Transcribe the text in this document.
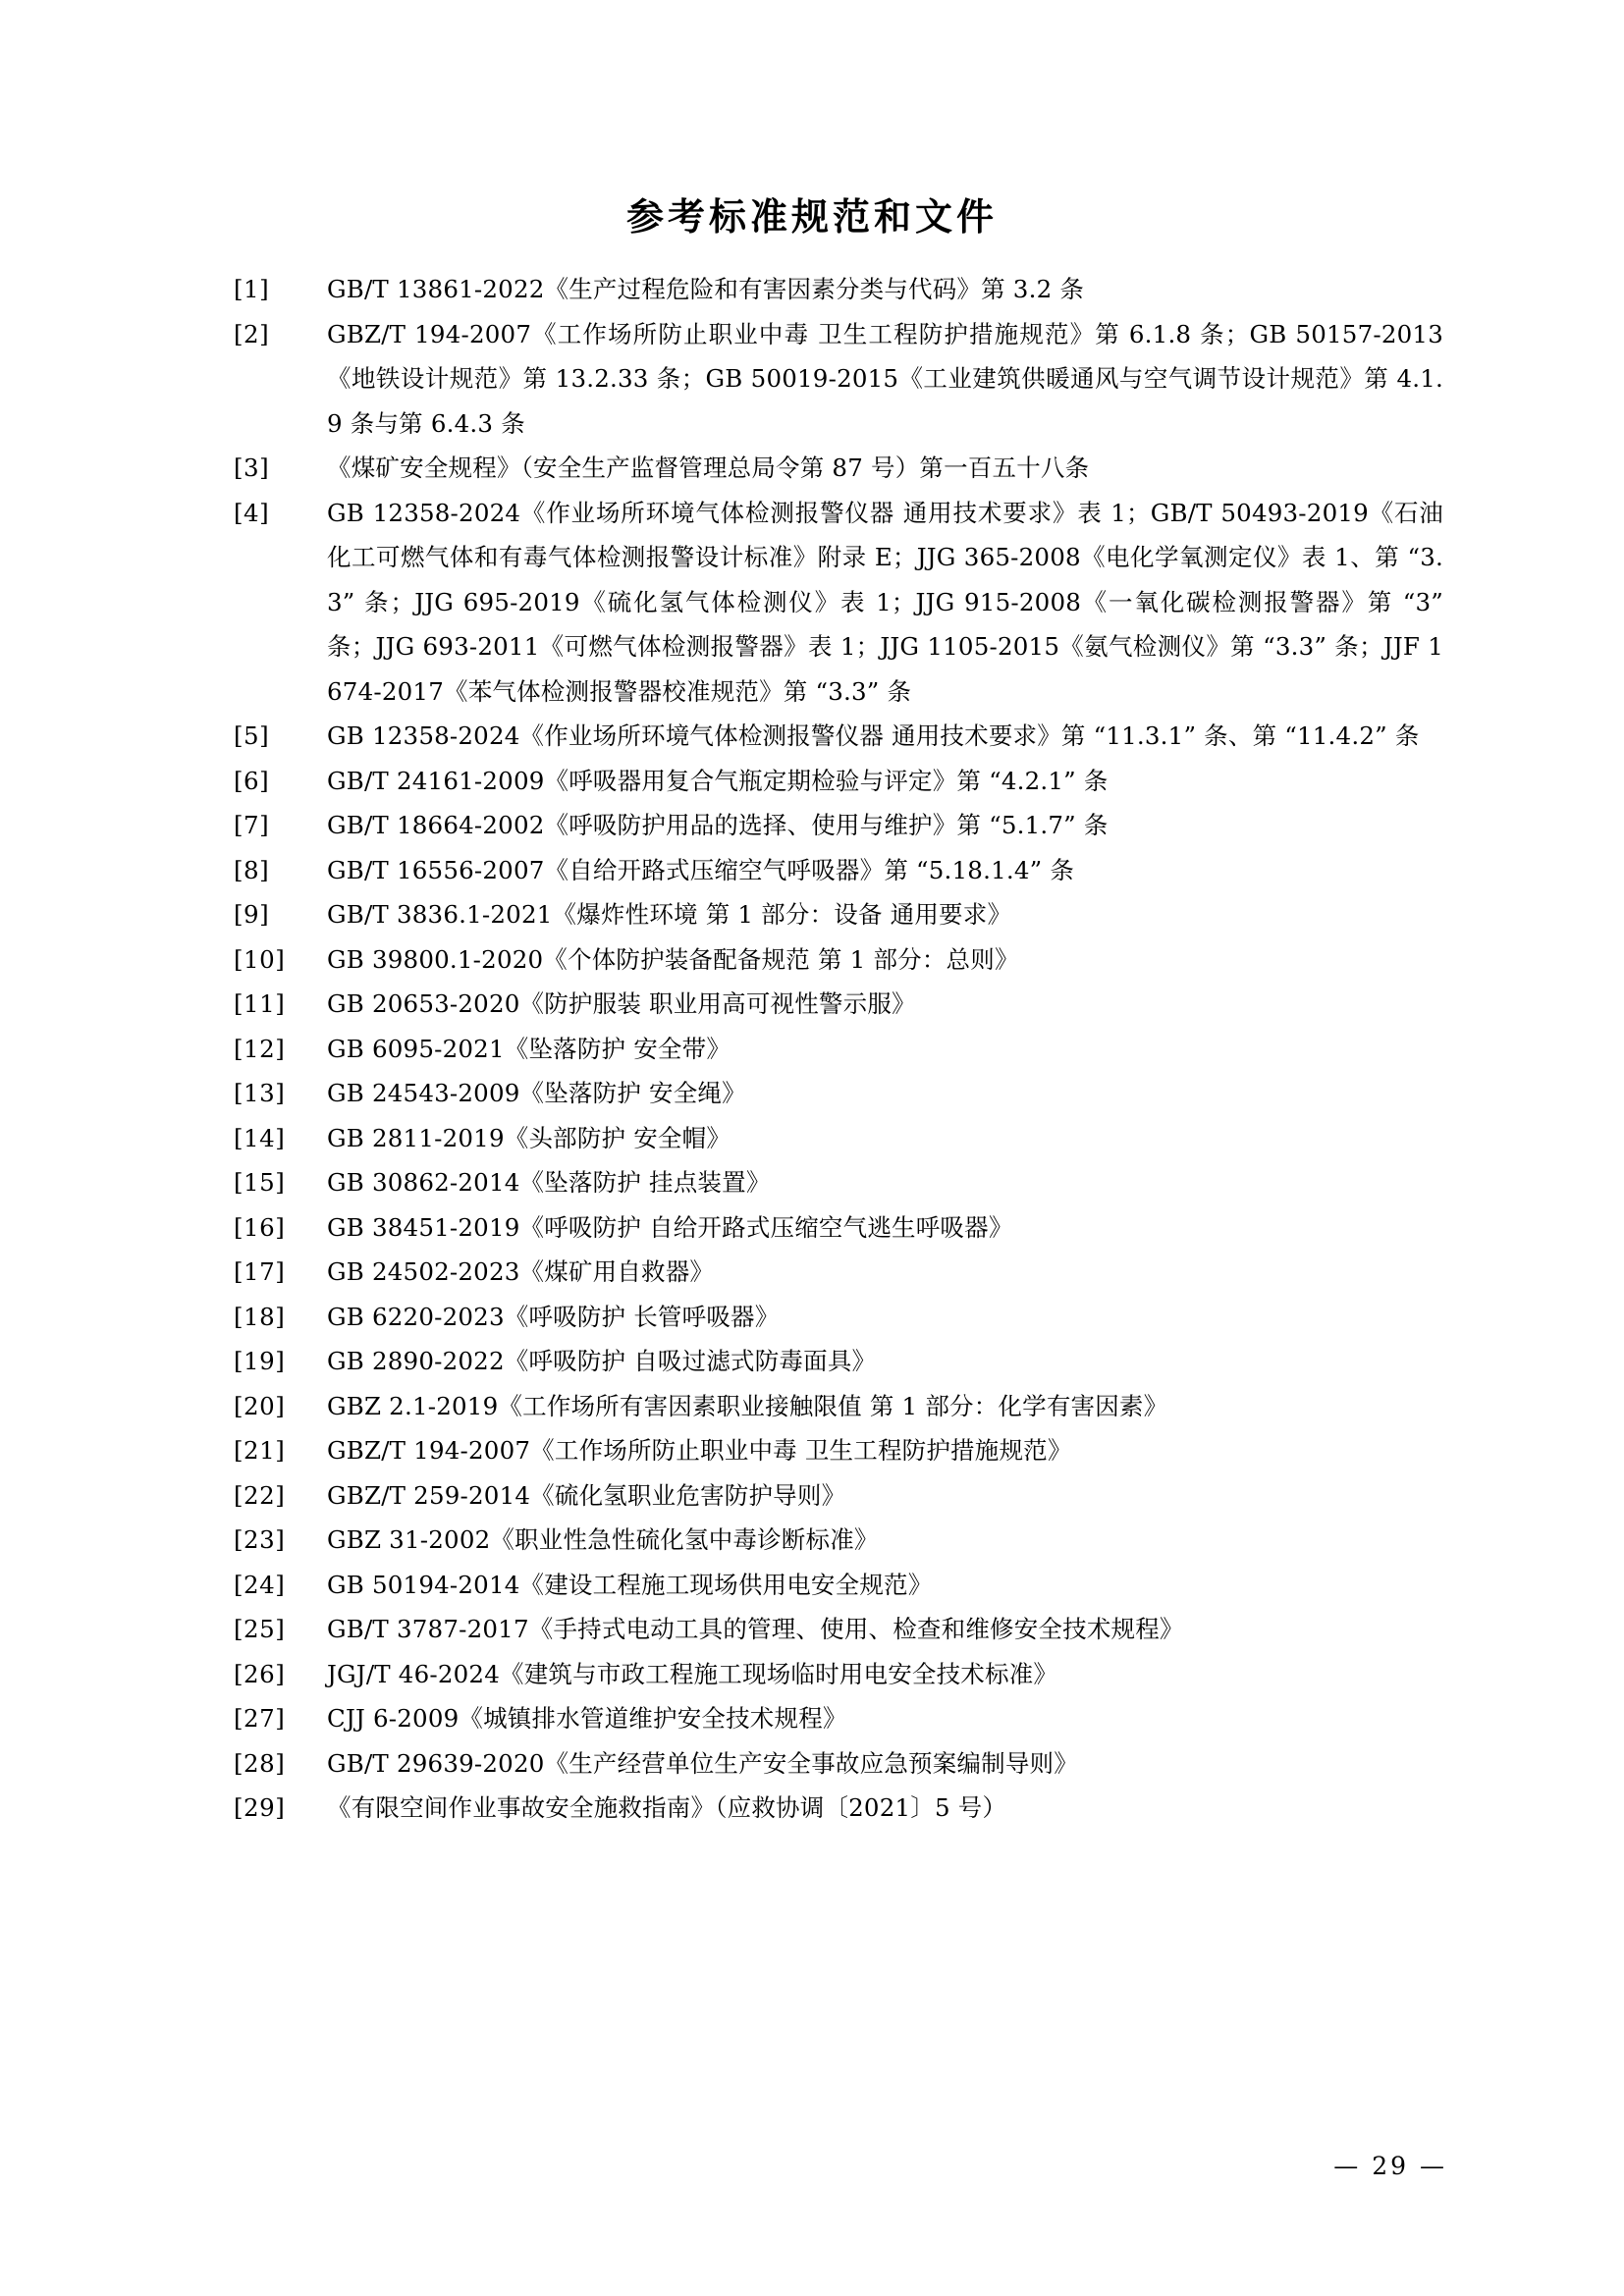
参考标准规范和文件
[1]	GB/T 13861-2022《生产过程危险和有害因素分类与代码》第 3.2 条
[2]	GBZ/T 194-2007《工作场所防止职业中毒 卫生工程防护措施规范》第 6.1.8 条；GB 50157-2013《地铁设计规范》第 13.2.33 条；GB 50019-2015《工业建筑供暖通风与空气调节设计规范》第 4.1.9 条与第 6.4.3 条
[3]	《煤矿安全规程》（安全生产监督管理总局令第 87 号）第一百五十八条
[4]	GB 12358-2024《作业场所环境气体检测报警仪器 通用技术要求》表 1；GB/T 50493-2019《石油化工可燃气体和有毒气体检测报警设计标准》附录 E；JJG 365-2008《电化学氧测定仪》表 1、第 “3.3” 条；JJG 695-2019《硫化氢气体检测仪》表 1；JJG 915-2008《一氧化碳检测报警器》第 “3” 条；JJG 693-2011《可燃气体检测报警器》表 1；JJG 1105-2015《氨气检测仪》第 “3.3” 条；JJF 1674-2017《苯气体检测报警器校准规范》第 “3.3” 条
[5]	GB 12358-2024《作业场所环境气体检测报警仪器 通用技术要求》第 “11.3.1” 条、第 “11.4.2” 条
[6]	GB/T 24161-2009《呼吸器用复合气瓶定期检验与评定》第 “4.2.1” 条
[7]	GB/T 18664-2002《呼吸防护用品的选择、使用与维护》第 “5.1.7” 条
[8]	GB/T 16556-2007《自给开路式压缩空气呼吸器》第 “5.18.1.4” 条
[9]	GB/T 3836.1-2021《爆炸性环境 第 1 部分：设备 通用要求》
[10]	GB 39800.1-2020《个体防护装备配备规范 第 1 部分：总则》
[11]	GB 20653-2020《防护服装 职业用高可视性警示服》
[12]	GB 6095-2021《坠落防护 安全带》
[13]	GB 24543-2009《坠落防护 安全绳》
[14]	GB 2811-2019《头部防护 安全帽》
[15]	GB 30862-2014《坠落防护 挂点装置》
[16]	GB 38451-2019《呼吸防护 自给开路式压缩空气逃生呼吸器》
[17]	GB 24502-2023《煤矿用自救器》
[18]	GB 6220-2023《呼吸防护 长管呼吸器》
[19]	GB 2890-2022《呼吸防护 自吸过滤式防毒面具》
[20]	GBZ 2.1-2019《工作场所有害因素职业接触限值 第 1 部分：化学有害因素》
[21]	GBZ/T 194-2007《工作场所防止职业中毒 卫生工程防护措施规范》
[22]	GBZ/T 259-2014《硫化氢职业危害防护导则》
[23]	GBZ 31-2002《职业性急性硫化氢中毒诊断标准》
[24]	GB 50194-2014《建设工程施工现场供用电安全规范》
[25]	GB/T 3787-2017《手持式电动工具的管理、使用、检查和维修安全技术规程》
[26]	JGJ/T 46-2024《建筑与市政工程施工现场临时用电安全技术标准》
[27]	CJJ 6-2009《城镇排水管道维护安全技术规程》
[28]	GB/T 29639-2020《生产经营单位生产安全事故应急预案编制导则》
[29]	《有限空间作业事故安全施救指南》（应救协调〔2021〕5 号）
— 29 —
